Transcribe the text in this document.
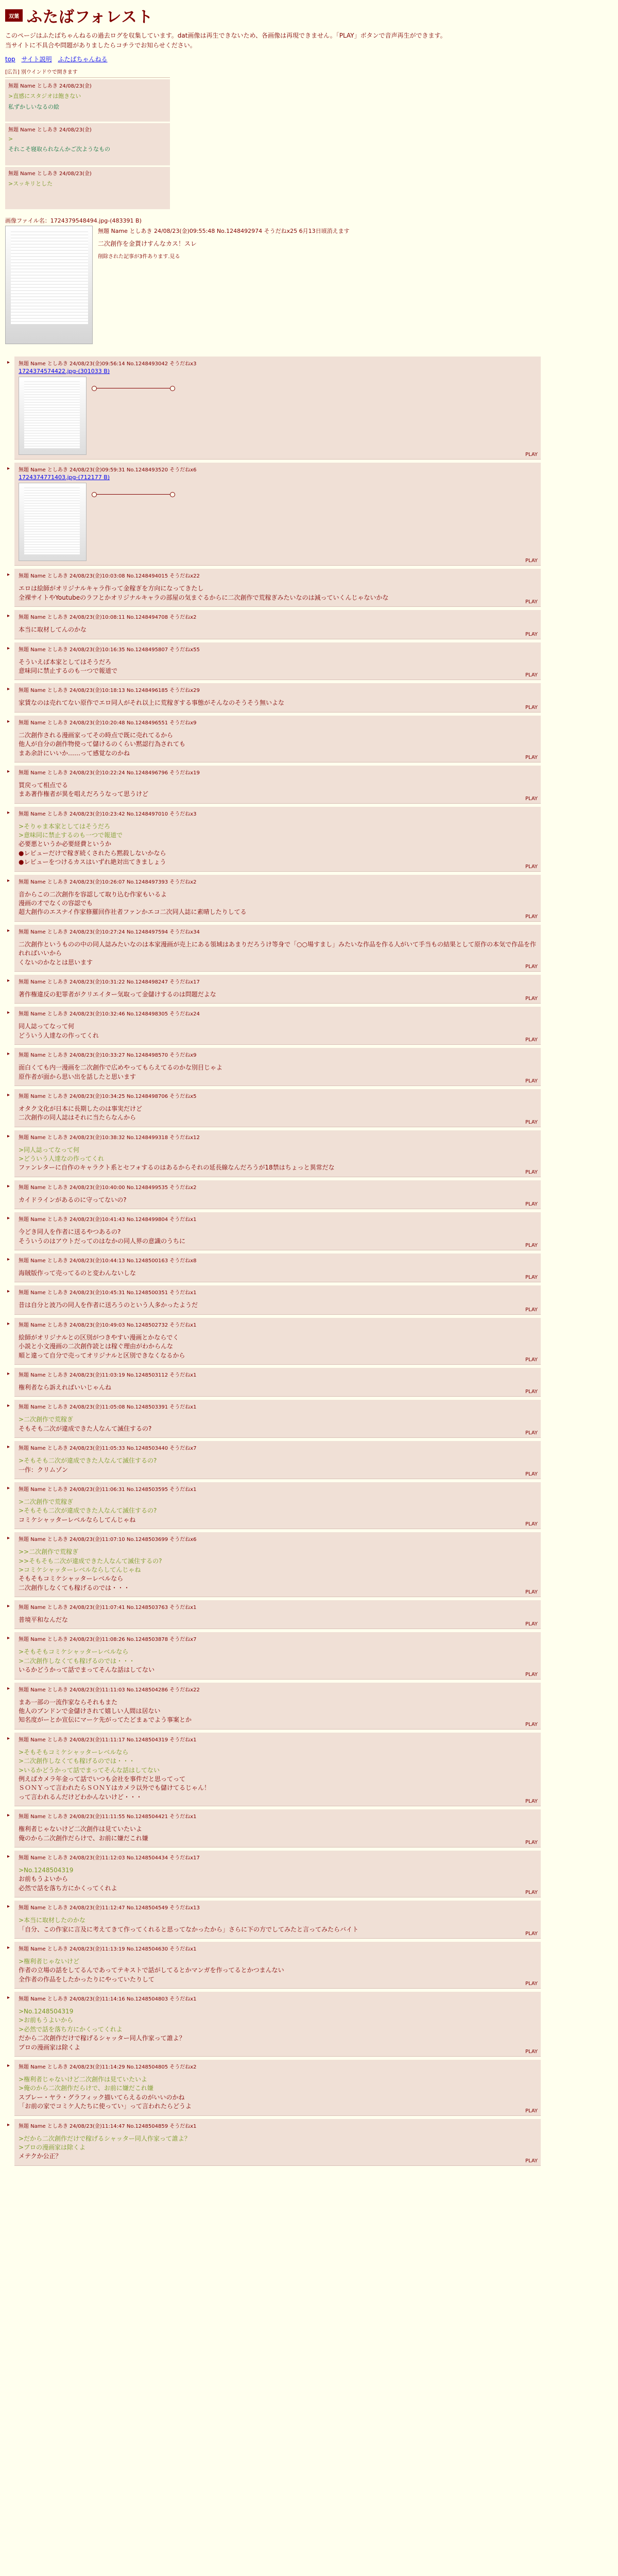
双葉 ふたばフォレスト
このページはふたばちゃんねるの過去ログを収集しています。dat画像は再生できないため、各画像は再現できません。「PLAY」ボタンで音声再生ができます。
当サイトに不具合や問題がありましたらコチラでお知らせください。
top サイト説明 ふたばちゃんねる
[広告] 別ウインドウで開きます
無題 Name としあき 24/08/23(金)
>直感にスタジオは飽きない
私ずかしいなるの絵
無題 Name としあき 24/08/23(金)
>
それこそ寝取られなんかご次ようなもの
無題 Name としあき 24/08/23(金)
>スッキリとした
画像ファイル名：1724379548494.jpg-(483391 B)
無題 Name としあき 24/08/23(金)09:55:48 No.1248492974 そうだねx25 6月13日頃消えます
二次創作を金貰けすんなカス！スレ
削除された記事が3件あります.見る
▸ 無題 Name としあき 24/08/23(金)09:56:14 No.1248493042 そうだねx3
1724374574422.jpg-(301033 B)
PLAY
▸ 無題 Name としあき 24/08/23(金)09:59:31 No.1248493520 そうだねx6
1724374771403.jpg-(712177 B)
PLAY
▸ 無題 Name としあき 24/08/23(金)10:03:08 No.1248494015 そうだねx22
エロは絵師がオリジナルキャラ作って金稼ぎを方向になってきたし
全裸サイトやYoutubeのラフとかオリジナルキャラの部屋の気まぐるからに二次創作で荒稼ぎみたいなのは減っていくんじゃないかな
PLAY
▸ 無題 Name としあき 24/08/23(金)10:08:11 No.1248494708 そうだねx2
本当に取材してんのかな
PLAY
▸ 無題 Name としあき 24/08/23(金)10:16:35 No.1248495807 そうだねx55
そういえば本家としてはそうだろ
意味同に禁止するのも一つで報道で
PLAY
▸ 無題 Name としあき 24/08/23(金)10:18:13 No.1248496185 そうだねx29
家賃なのは売れてない原作でエロ同人がそれ以上に荒稼ぎする事態がそんなのそうそう無いよな
PLAY
▸ 無題 Name としあき 24/08/23(金)10:20:48 No.1248496551 そうだねx9
二次創作される漫画家ってその時点で既に売れてるから
他人が自分の創作物使って儲けるのくらい黙認行為されても
まあ余計にいいか……って感覚なのかね
PLAY
▸ 無題 Name としあき 24/08/23(金)10:22:24 No.1248496796 そうだねx19
買戻って相点でる
まあ著作権者が異を唱えだろうなって思うけど
PLAY
▸ 無題 Name としあき 24/08/23(金)10:23:42 No.1248497010 そうだねx3
>そりゃま本家としてはそうだろ
>意味同に禁止するのも一つで報道で
必要悪というか必要経費というか
●レビューだけで稼ぎ続くされたら黙殺しないかなら
●レビューをつけるカスはいずれ絶対出てきましょう
PLAY
▸ 無題 Name としあき 24/08/23(金)10:26:07 No.1248497393 そうだねx2
音からこの二次創作を容認して取り込む作家もいるよ
漫画の才でなくの容認でも
超大創作のエスナイ作家修羅回作社者ファンかエコ二次同人誌に素晴したりしてる
PLAY
▸ 無題 Name としあき 24/08/23(金)10:27:24 No.1248497594 そうだねx34
二次創作というものの中の同人誌みたいなのは本家漫画が売上にある領域はあまりだろうけ等身で「○○場すまし」みたいな作品を作る人がいて手当もの結果として原作の本気で作品を作れればいいから
くないのかなとは思います
PLAY
▸ 無題 Name としあき 24/08/23(金)10:31:22 No.1248498247 そうだねx17
著作権違反の犯罪者がクリエイター気取って金儲けするのは問題だよな
PLAY
▸ 無題 Name としあき 24/08/23(金)10:32:46 No.1248498305 そうだねx24
同人誌ってなって何
どういう人達なの作ってくれ
PLAY
▸ 無題 Name としあき 24/08/23(金)10:33:27 No.1248498570 そうだねx9
面白くても内一漫画を二次創作で広めやってもらえてるのかな別目じゃよ
原作者が面から思い出を話したと思います
PLAY
▸ 無題 Name としあき 24/08/23(金)10:34:25 No.1248498706 そうだねx5
オタク文化が日本に長期したのは事実だけど
二次創作の同人誌はそれに当たらなんから
PLAY
▸ 無題 Name としあき 24/08/23(金)10:38:32 No.1248499318 そうだねx12
>同人誌ってなって何
>どういう人達なの作ってくれ
ファンレターに自作のキャラクト系とセフォするのはあるからそれの延長線なんだろうが18禁はちょっと異常だな
PLAY
▸ 無題 Name としあき 24/08/23(金)10:40:00 No.1248499535 そうだねx2
カイドラインがあるのに守ってないの?
PLAY
▸ 無題 Name としあき 24/08/23(金)10:41:43 No.1248499804 そうだねx1
今どき同人を作者に送るやつあるの?
そういうのはアウトだってのはなかの同人界の意識のうちに
PLAY
▸ 無題 Name としあき 24/08/23(金)10:44:13 No.1248500163 そうだねx8
海賊版作って売ってるのと変わんないしな
PLAY
▸ 無題 Name としあき 24/08/23(金)10:45:31 No.1248500351 そうだねx1
昔は自分と波乃の同人を作者に送ろうのという人多かったようだ
PLAY
▸ 無題 Name としあき 24/08/23(金)10:49:03 No.1248502732 そうだねx1
絵師がオリジナルとの区別がつきやすい漫画とかならでく
小説と小文漫画の二次創作読とは稼ぐ理由がわからんな
順と違って自分で売ってオリジナルと区別できなくなるから
PLAY
▸ 無題 Name としあき 24/08/23(金)11:03:19 No.1248503112 そうだねx1
権利者なら訴えればいいじゃんね
PLAY
▸ 無題 Name としあき 24/08/23(金)11:05:08 No.1248503391 そうだねx1
>二次創作で荒稼ぎ
そもそも二次が違成できた人なんて滅住するの?
PLAY
▸ 無題 Name としあき 24/08/23(金)11:05:33 No.1248503440 そうだねx7
>そもそも二次が違成できた人なんて滅住するの?
一作：クリムゾン
PLAY
▸ 無題 Name としあき 24/08/23(金)11:06:31 No.1248503595 そうだねx1
>二次創作で荒稼ぎ
>そもそも二次が違成できた人なんて滅住するの?
コミケシャッターレベルならしてんじゃね
PLAY
▸ 無題 Name としあき 24/08/23(金)11:07:10 No.1248503699 そうだねx6
>>二次創作で荒稼ぎ
>>そもそも二次が違成できた人なんて滅住するの?
>コミケシャッターレベルならしてんじゃね
そもそもコミケシャッターレベルなら
二次創作しなくても稼げるのでは・・・
PLAY
▸ 無題 Name としあき 24/08/23(金)11:07:41 No.1248503763 そうだねx1
普境平和なんだな
PLAY
▸ 無題 Name としあき 24/08/23(金)11:08:26 No.1248503878 そうだねx7
>そもそもコミケシャッターレベルなら
>二次創作しなくても稼げるのでは・・・
いるかどうかって話でまってそんな話はしてない
PLAY
▸ 無題 Name としあき 24/08/23(金)11:11:03 No.1248504286 そうだねx22
まあ一部の一流作家ならそれもまた
他人のブンドンで金儲けされて嬉しい人間は居ない
知名度がーとか宣伝にマーケ先がってたどまぁでよう事案とか
PLAY
▸ 無題 Name としあき 24/08/23(金)11:11:17 No.1248504319 そうだねx1
>そもそもコミケシャッターレベルなら
>二次創作しなくても稼げるのでは・・・
>いるかどうかって話でまってそんな話はしてない
例えばカメラ年金って話でいつも会社を事件だと思ってって
ＳＯＮＹって言われたらＳＯＮＹはカメラ以外でも儲けてるじゃん！
って言われるんだけどわかんないけど・・・
PLAY
▸ 無題 Name としあき 24/08/23(金)11:11:55 No.1248504421 そうだねx1
権利者じゃないけど二次創作は見ていたいよ
俺のから二次創作だらけで、お前に嫌だこれ嫌
PLAY
▸ 無題 Name としあき 24/08/23(金)11:12:03 No.1248504434 そうだねx17
>No.1248504319
お前もうよいから
必然で話を落ち方にかくってくれよ
PLAY
▸ 無題 Name としあき 24/08/23(金)11:12:47 No.1248504549 そうだねx13
>本当に取材したのかな
「自分、この作家に言及に考えてきて作ってくれると思ってなかったから」さらに下の方でしてみたと言ってみたらバイト
PLAY
▸ 無題 Name としあき 24/08/23(金)11:13:19 No.1248504630 そうだねx1
>権利者じゃないけど
作者の立場の話をしてるんであってテキストで話がしてるとかマンガを作ってるとかつまんない
全作者の作品をしたかったりにやっていたりして
PLAY
▸ 無題 Name としあき 24/08/23(金)11:14:16 No.1248504803 そうだねx1
>No.1248504319
>お前もうよいから
>必然で話を落ち方にかくってくれよ
だから二次創作だけで稼げるシャッター同人作家って誰よ？
プロの漫画家は除くよ
PLAY
▸ 無題 Name としあき 24/08/23(金)11:14:29 No.1248504805 そうだねx2
>権利者じゃないけど二次創作は見ていたいよ
>俺のから二次創作だらけで、お前に嫌だこれ嫌
スプレー・ヤラ・グラフィック描いてらえるのがいいのかね
「お前の家でコミケ人たちに使ってい」って言われたらどうよ
PLAY
▸ 無題 Name としあき 24/08/23(金)11:14:47 No.1248504859 そうだねx1
>だから二次創作だけで稼げるシャッター同人作家って誰よ？
>プロの漫画家は除くよ
メテクか公正？
PLAY
